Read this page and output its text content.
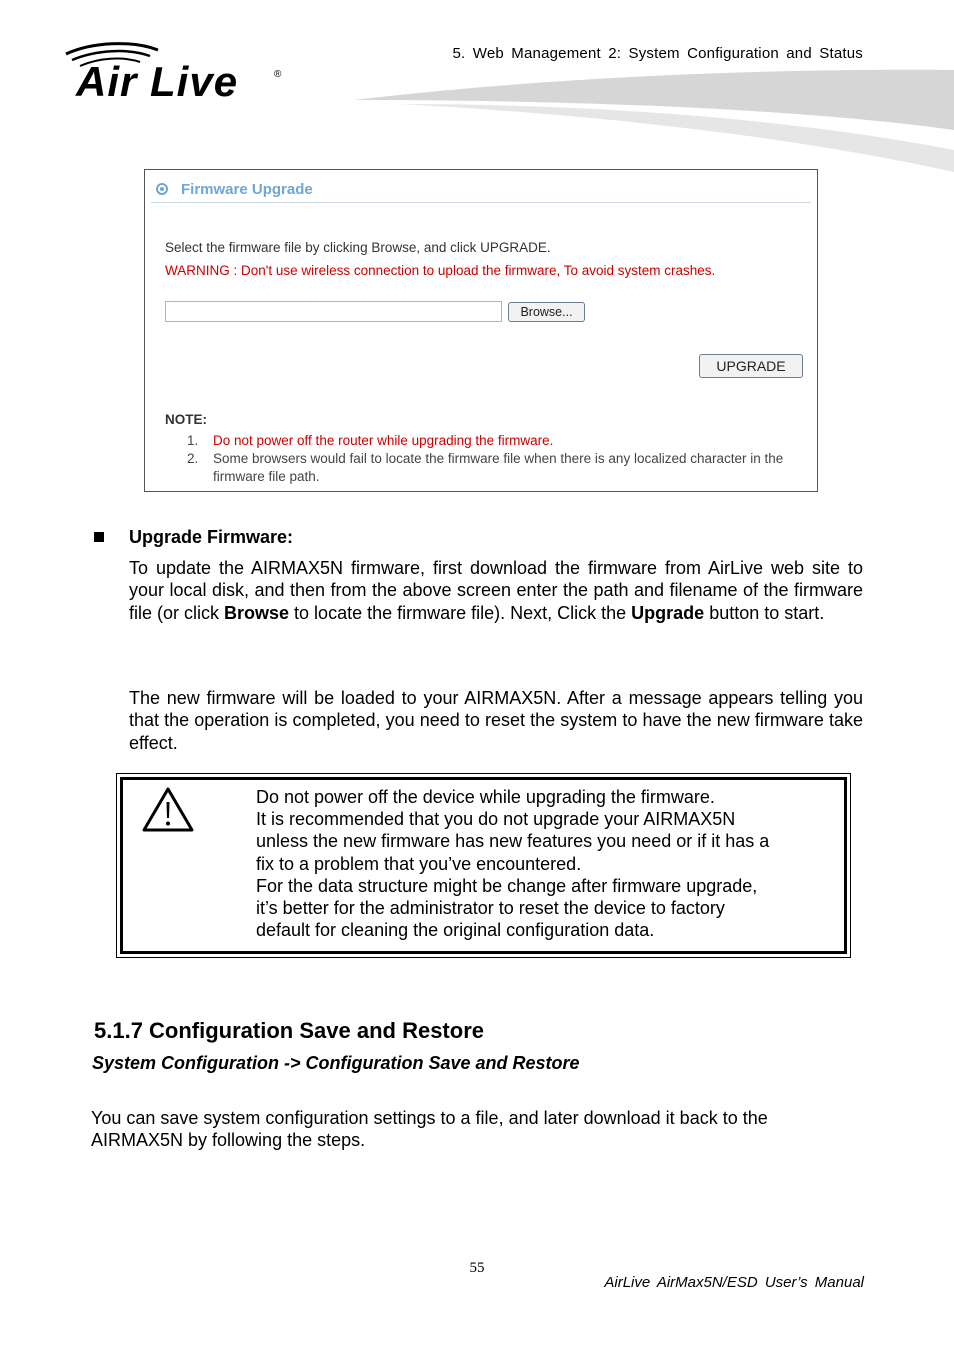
5. Web Management 2: System Configuration and Status
Air Live	®
Firmware Upgrade
Select the firmware file by clicking Browse, and click UPGRADE.
WARNING : Don't use wireless connection to upload the firmware, To avoid system crashes.
Browse...
UPGRADE
NOTE:
1. Do not power off the router while upgrading the firmware.
2. Some browsers would fail to locate the firmware file when there is any localized character in the firmware file path.
Upgrade Firmware:
To update the AIRMAX5N firmware, first download the firmware from AirLive web site to your local disk, and then from the above screen enter the path and filename of the firmware file (or click Browse to locate the firmware file). Next, Click the Upgrade button to start.
The new firmware will be loaded to your AIRMAX5N. After a message appears telling you that the operation is completed, you need to reset the system to have the new firmware take effect.
Do not power off the device while upgrading the firmware.
It is recommended that you do not upgrade your AIRMAX5N
unless the new firmware has new features you need or if it has a
fix to a problem that you’ve encountered.
For the data structure might be change after firmware upgrade,
it’s better for the administrator to reset the device to factory
default for cleaning the original configuration data.
5.1.7 Configuration Save and Restore
System Configuration -> Configuration Save and Restore
You can save system configuration settings to a file, and later download it back to the AIRMAX5N by following the steps.
55
AirLive AirMax5N/ESD User’s Manual
